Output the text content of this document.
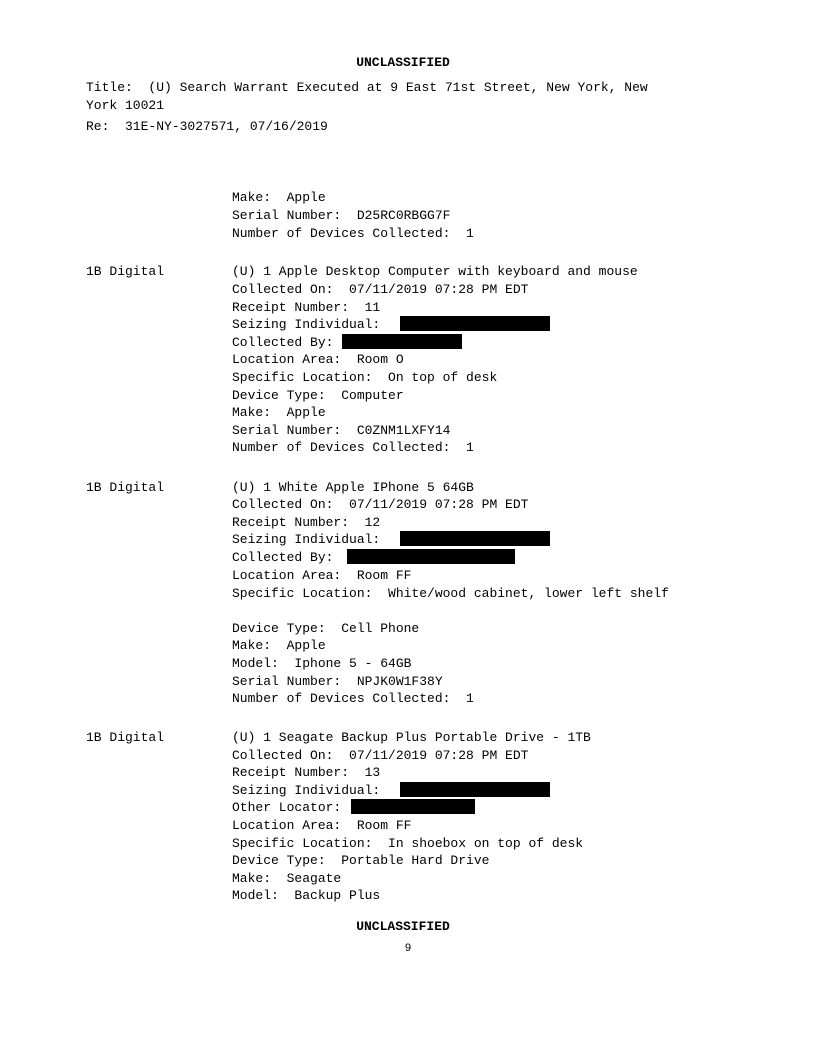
UNCLASSIFIED
Title:  (U) Search Warrant Executed at 9 East 71st Street, New York, New
York 10021
Re:  31E-NY-3027571, 07/16/2019
Make:  Apple
Serial Number:  D25RC0RBGG7F
Number of Devices Collected:  1
1B Digital	(U) 1 Apple Desktop Computer with keyboard and mouse
Collected On:  07/11/2019 07:28 PM EDT
Receipt Number:  11
Seizing Individual:
Collected By:
Location Area:  Room O
Specific Location:  On top of desk
Device Type:  Computer
Make:  Apple
Serial Number:  C0ZNM1LXFY14
Number of Devices Collected:  1
1B Digital	(U) 1 White Apple IPhone 5 64GB
Collected On:  07/11/2019 07:28 PM EDT
Receipt Number:  12
Seizing Individual:
Collected By:
Location Area:  Room FF
Specific Location:  White/wood cabinet, lower left shelf
Device Type:  Cell Phone
Make:  Apple
Model:  Iphone 5 - 64GB
Serial Number:  NPJK0W1F38Y
Number of Devices Collected:  1
1B Digital	(U) 1 Seagate Backup Plus Portable Drive - 1TB
Collected On:  07/11/2019 07:28 PM EDT
Receipt Number:  13
Seizing Individual:
Other Locator:
Location Area:  Room FF
Specific Location:  In shoebox on top of desk
Device Type:  Portable Hard Drive
Make:  Seagate
Model:  Backup Plus
UNCLASSIFIED
9
